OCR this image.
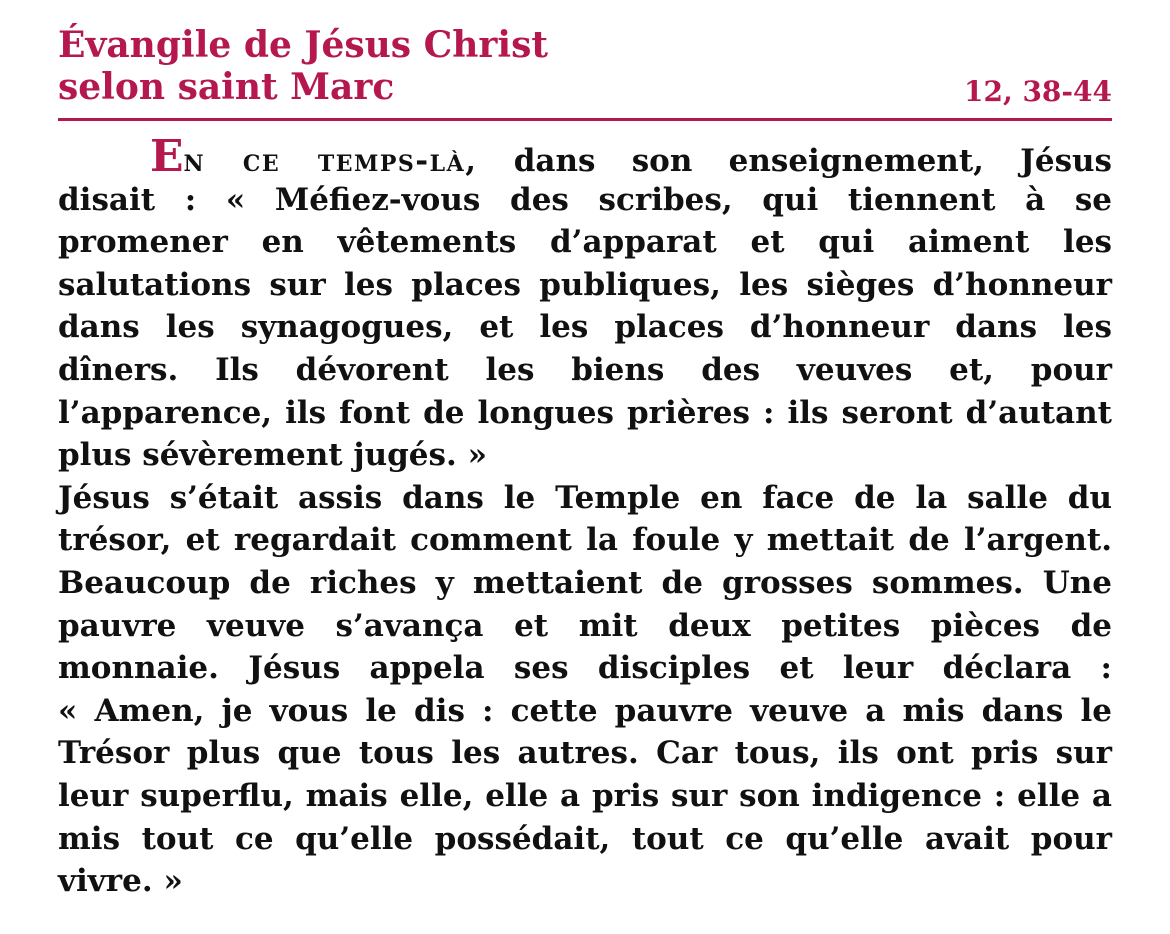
Évangile de Jésus Christ
selon saint Marc	12, 38-44
En ce temps-là, dans son enseignement, Jésus
disait : « Méfiez-vous des scribes, qui tiennent à se
promener en vêtements d’apparat et qui aiment les
salutations sur les places publiques, les sièges d’honneur
dans les synagogues, et les places d’honneur dans les
dîners. Ils dévorent les biens des veuves et, pour
l’apparence, ils font de longues prières : ils seront d’autant
plus sévèrement jugés. »
Jésus s’était assis dans le Temple en face de la salle du
trésor, et regardait comment la foule y mettait de l’argent.
Beaucoup de riches y mettaient de grosses sommes. Une
pauvre veuve s’avança et mit deux petites pièces de
monnaie. Jésus appela ses disciples et leur déclara :
« Amen, je vous le dis : cette pauvre veuve a mis dans le
Trésor plus que tous les autres. Car tous, ils ont pris sur
leur superflu, mais elle, elle a pris sur son indigence : elle a
mis tout ce qu’elle possédait, tout ce qu’elle avait pour
vivre. »
